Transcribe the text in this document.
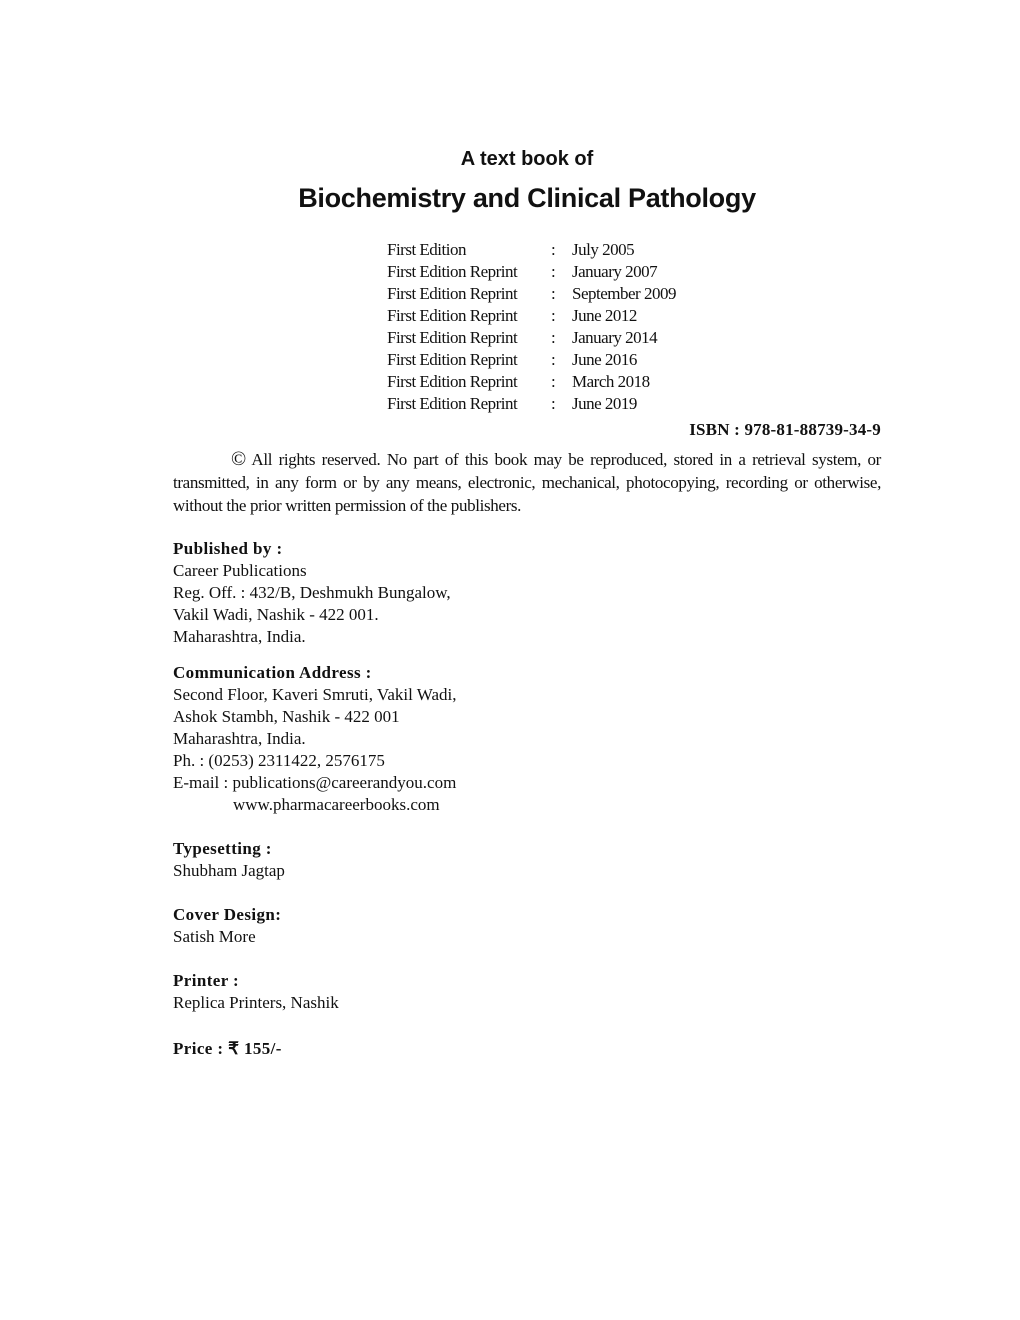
A text book of
Biochemistry and Clinical Pathology
First Edition	: July 2005
First Edition Reprint : January 2007
First Edition Reprint : September 2009
First Edition Reprint : June 2012
First Edition Reprint : January 2014
First Edition Reprint : June 2016
First Edition Reprint : March 2018
First Edition Reprint : June 2019
ISBN : 978-81-88739-34-9
© All rights reserved. No part of this book may be reproduced, stored in a retrieval system, or transmitted, in any form or by any means, electronic, mechanical, photocopying, recording or otherwise, without the prior written permission of the publishers.
Published by :
Career Publications
Reg. Off. : 432/B, Deshmukh Bungalow,
Vakil Wadi, Nashik - 422 001.
Maharashtra, India.
Communication Address :
Second Floor, Kaveri Smruti, Vakil Wadi,
Ashok Stambh, Nashik - 422 001
Maharashtra, India.
Ph. : (0253) 2311422, 2576175
E-mail : publications@careerandyou.com
www.pharmacareerbooks.com
Typesetting :
Shubham Jagtap
Cover Design:
Satish More
Printer :
Replica Printers, Nashik
Price : ₹ 155/-
